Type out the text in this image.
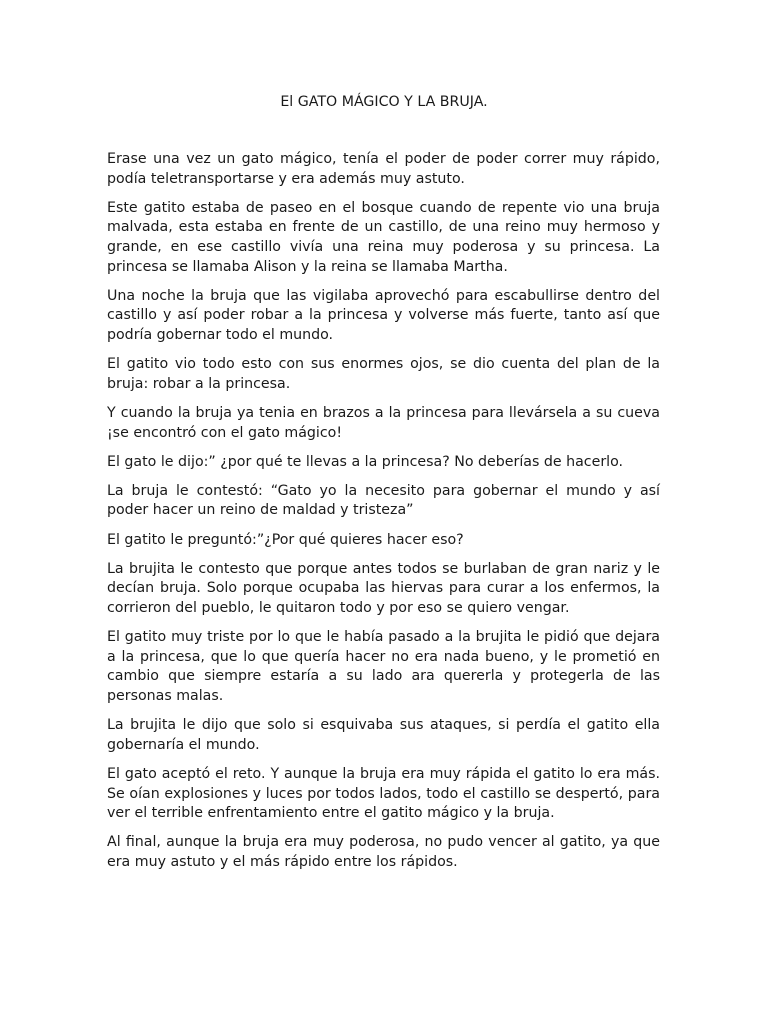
El GATO MÁGICO Y LA BRUJA.

Erase una vez un gato mágico, tenía el poder de poder correr muy rápido, podía teletransportarse y era además muy astuto.

Este gatito estaba de paseo en el bosque cuando de repente vio una bruja malvada, esta estaba en frente de un castillo, de una reino muy hermoso y grande, en ese castillo vivía una reina muy poderosa y su princesa. La princesa se llamaba Alison y la reina se llamaba Martha.

Una noche la bruja que las vigilaba aprovechó para escabullirse dentro del castillo y así poder robar a la princesa y volverse más fuerte, tanto así que podría gobernar todo el mundo.

El gatito vio todo esto con sus enormes ojos, se dio cuenta del plan de la bruja: robar a la princesa.

Y cuando la bruja ya tenia en brazos a la princesa para llevársela a su cueva ¡se encontró con el gato mágico!

El gato le dijo:” ¿por qué te llevas a la princesa? No deberías de hacerlo.

La bruja le contestó: “Gato yo la necesito para gobernar el mundo y así poder hacer un reino de maldad y tristeza”

El gatito le preguntó:”¿Por qué quieres hacer eso?

La brujita le contesto que porque antes todos se burlaban de gran nariz y le decían bruja. Solo porque ocupaba las hiervas para curar a los enfermos, la corrieron del pueblo, le quitaron todo y por eso se quiero vengar.

El gatito muy triste por lo que le había pasado a la brujita le pidió que dejara a la princesa, que lo que quería hacer no era nada bueno, y le prometió en cambio que siempre estaría a su lado ara quererla y protegerla de las personas malas.

La brujita le dijo que solo si esquivaba sus ataques, si perdía el gatito ella gobernaría el mundo.

El gato aceptó el reto. Y aunque la bruja era muy rápida el gatito lo era más. Se oían explosiones y luces por todos lados, todo el castillo se despertó, para ver el terrible enfrentamiento entre el gatito mágico y la bruja.

Al final, aunque la bruja era muy poderosa, no pudo vencer al gatito, ya que era muy astuto y el más rápido entre los rápidos.
